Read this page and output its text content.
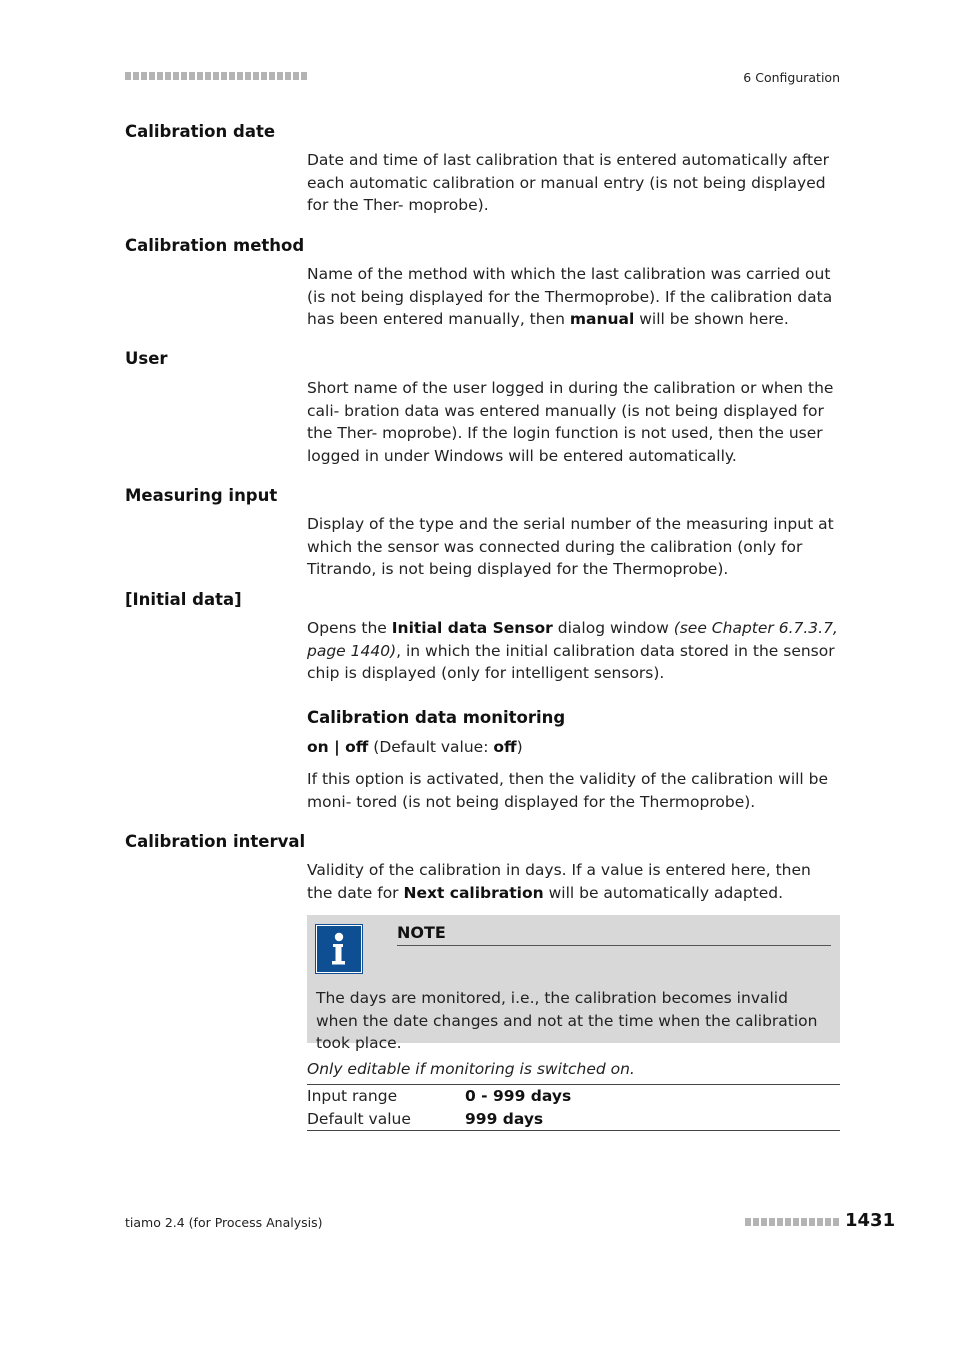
6 Configuration
Calibration date

Date and time of last calibration that is entered automatically after each automatic calibration or manual entry (is not being displayed for the Ther- moprobe).

Calibration method

Name of the method with which the last calibration was carried out (is not being displayed for the Thermoprobe). If the calibration data has been entered manually, then manual will be shown here.

User

Short name of the user logged in during the calibration or when the cali- bration data was entered manually (is not being displayed for the Ther- moprobe). If the login function is not used, then the user logged in under Windows will be entered automatically.

Measuring input

Display of the type and the serial number of the measuring input at which the sensor was connected during the calibration (only for Titrando, is not being displayed for the Thermoprobe).

[Initial data]

Opens the Initial data Sensor dialog window (see Chapter 6.7.3.7, page 1440), in which the initial calibration data stored in the sensor chip is displayed (only for intelligent sensors).

Calibration data monitoring

on | off (Default value: off)

If this option is activated, then the validity of the calibration will be moni- tored (is not being displayed for the Thermoprobe).

Calibration interval

Validity of the calibration in days. If a value is entered here, then the date for Next calibration will be automatically adapted.

NOTE

The days are monitored, i.e., the calibration becomes invalid when the date changes and not at the time when the calibration took place.

Only editable if monitoring is switched on.
Input range	0 - 999 days
Default value	999 days
tiamo 2.4 (for Process Analysis)	1431
